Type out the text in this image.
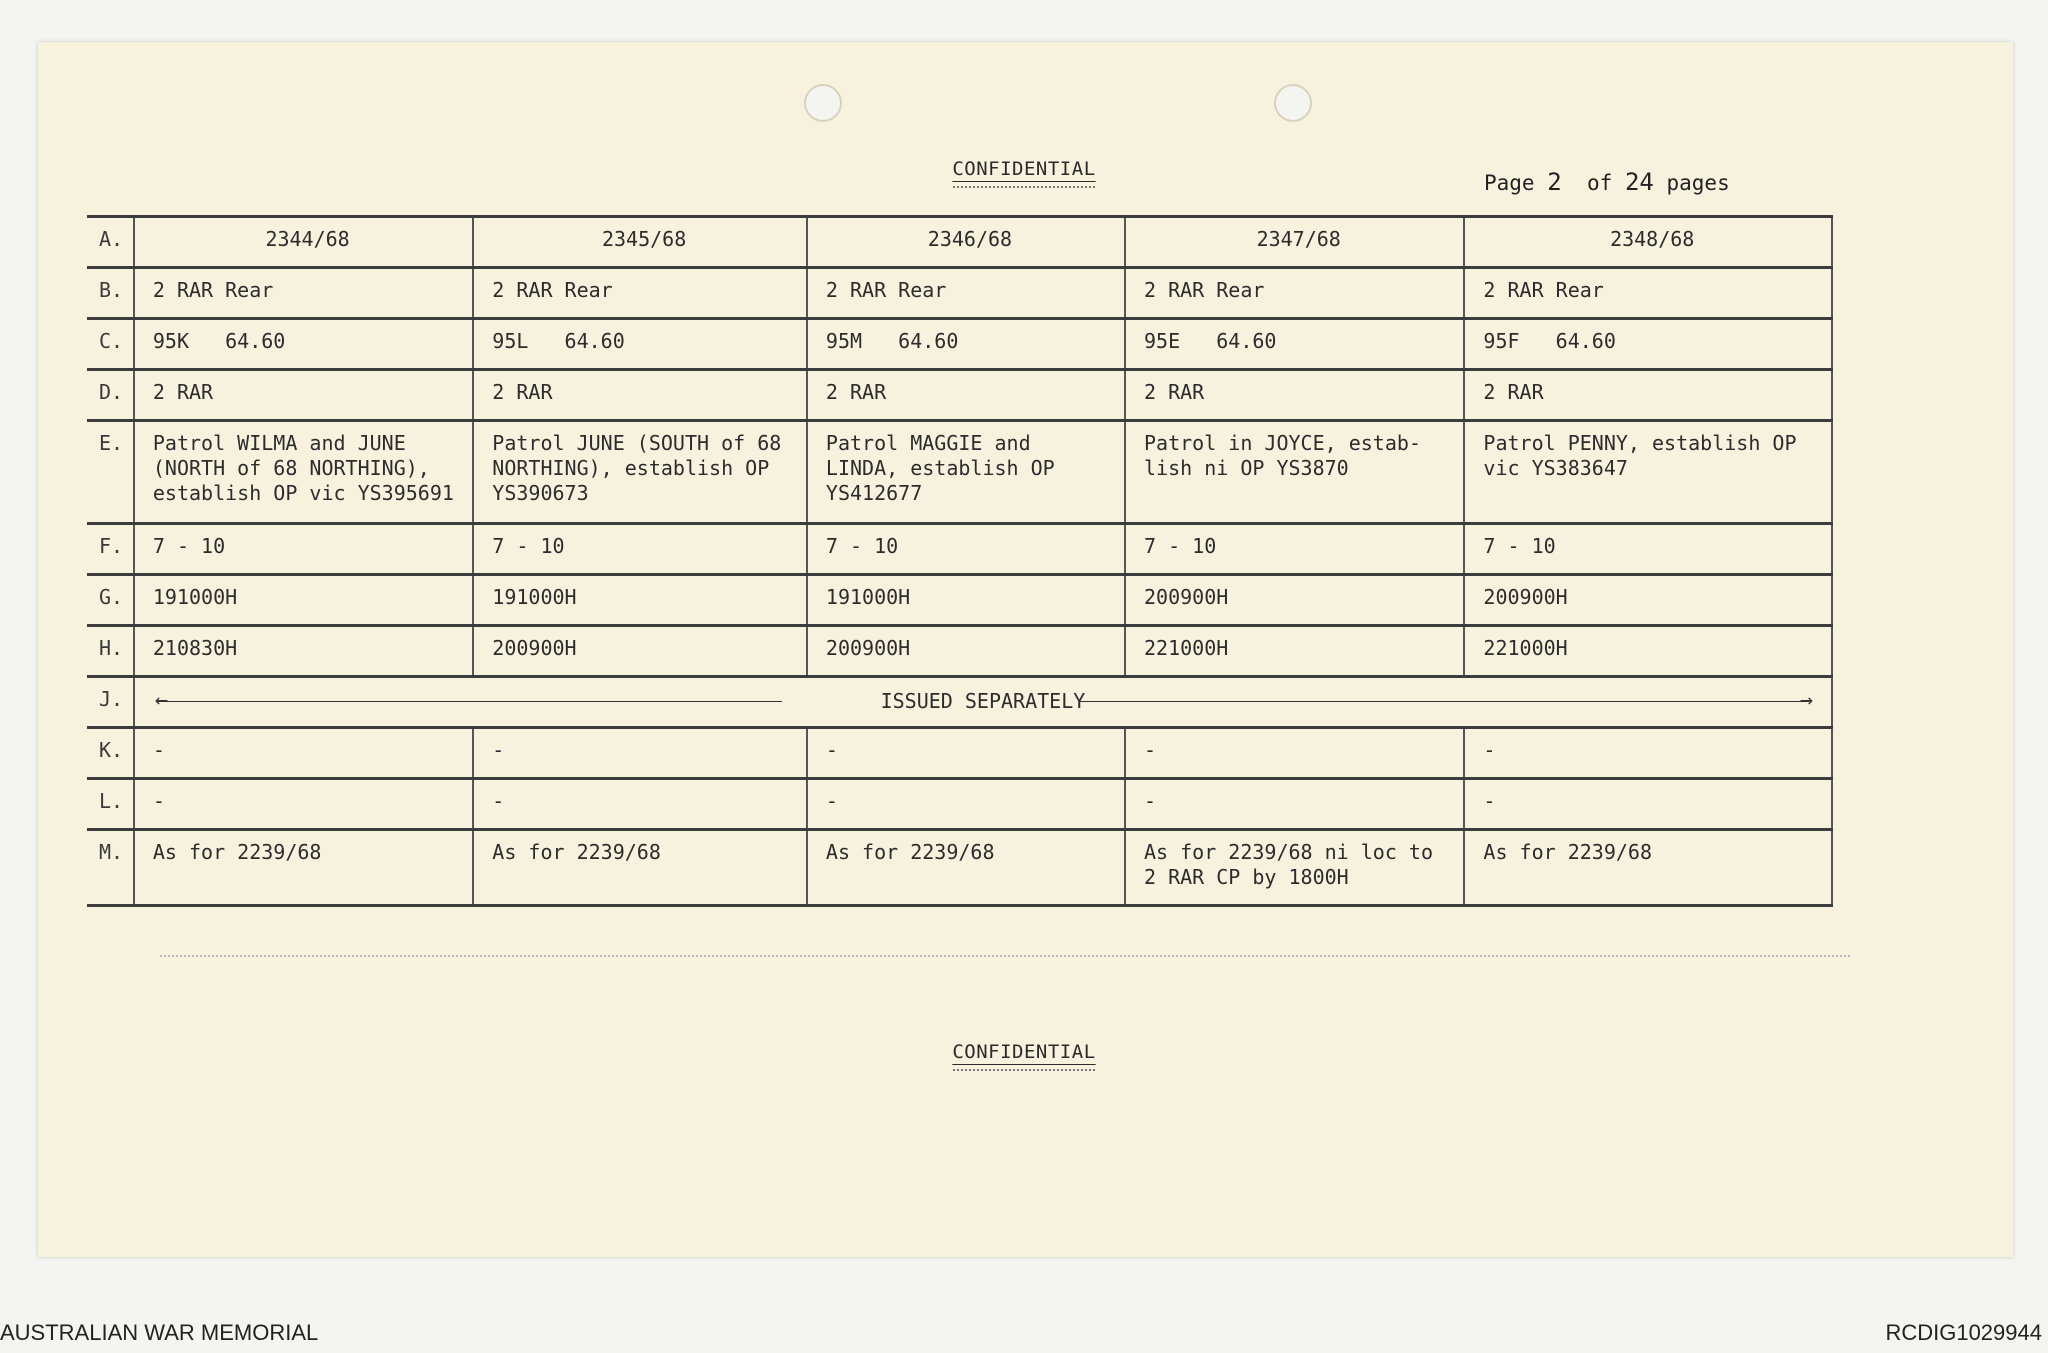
CONFIDENTIAL
Page 2 of 24 pages
A.	2344/68	2345/68	2346/68	2347/68	2348/68
B.	2 RAR Rear	2 RAR Rear	2 RAR Rear	2 RAR Rear	2 RAR Rear
C.	95K   64.60	95L   64.60	95M   64.60	95E   64.60	95F   64.60
D.	2 RAR	2 RAR	2 RAR	2 RAR	2 RAR
E.	Patrol WILMA and JUNE (NORTH of 68 NORTHING), establish OP vic YS395691	Patrol JUNE (SOUTH of 68 NORTHING), establish OP YS390673	Patrol MAGGIE and LINDA, establish OP YS412677	Patrol in JOYCE, estab-lish ni OP YS3870	Patrol PENNY, establish OP vic YS383647
F.	7 - 10	7 - 10	7 - 10	7 - 10	7 - 10
G.	191000H	191000H	191000H	200900H	200900H
H.	210830H	200900H	200900H	221000H	221000H
J.	← ISSUED SEPARATELY →				

K.	-	-	-	-	-
L.	-	-	-	-	-
M.	As for 2239/68	As for 2239/68	As for 2239/68	As for 2239/68 ni loc to 2 RAR CP by 1800H	As for 2239/68
CONFIDENTIAL
AUSTRALIAN WAR MEMORIAL	RCDIG1029944
